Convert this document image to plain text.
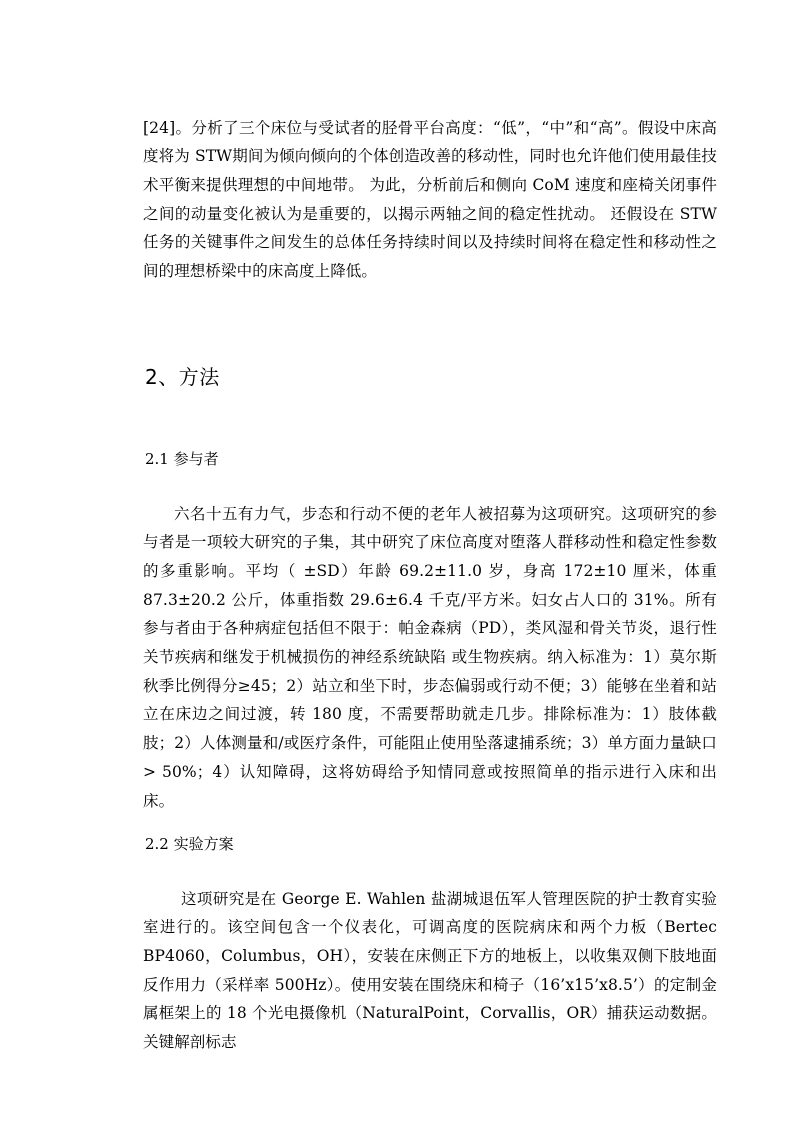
[24]。分析了三个床位与受试者的胫骨平台高度：“低”，“中”和“高”。假设中床高度将为 STW期间为倾向倾向的个体创造改善的移动性，同时也允许他们使用最佳技术平衡来提供理想的中间地带。 为此，分析前后和侧向 CoM 速度和座椅关闭事件之间的动量变化被认为是重要的，以揭示两轴之间的稳定性扰动。 还假设在 STW 任务的关键事件之间发生的总体任务持续时间以及持续时间将在稳定性和移动性之间的理想桥梁中的床高度上降低。

2、方法
2.1 参与者

六名十五有力气，步态和行动不便的老年人被招募为这项研究。这项研究的参与者是一项较大研究的子集，其中研究了床位高度对堕落人群移动性和稳定性参数的多重影响。平均（ ±SD）年龄 69.2±11.0 岁，身高 172±10 厘米，体重 87.3±20.2 公斤，体重指数 29.6±6.4 千克/平方米。妇女占人口的 31%。所有参与者由于各种病症包括但不限于：帕金森病（PD），类风湿和骨关节炎，退行性关节疾病和继发于机械损伤的神经系统缺陷 或生物疾病。纳入标准为：1）莫尔斯秋季比例得分≥45；2）站立和坐下时，步态偏弱或行动不便；3）能够在坐着和站立在床边之间过渡，转 180 度，不需要帮助就走几步。排除标准为：1）肢体截肢；2）人体测量和/或医疗条件，可能阻止使用坠落逮捕系统；3）单方面力量缺口> 50%；4）认知障碍，这将妨碍给予知情同意或按照简单的指示进行入床和出床。

2.2 实验方案

这项研究是在 George E. Wahlen 盐湖城退伍军人管理医院的护士教育实验室进行的。该空间包含一个仪表化，可调高度的医院病床和两个力板（Bertec BP4060，Columbus，OH），安装在床侧正下方的地板上，以收集双侧下肢地面反作用力（采样率 500Hz）。使用安装在围绕床和椅子（16’x15’x8.5’）的定制金属框架上的 18 个光电摄像机（NaturalPoint，Corvallis，OR）捕获运动数据。关键解剖标志
